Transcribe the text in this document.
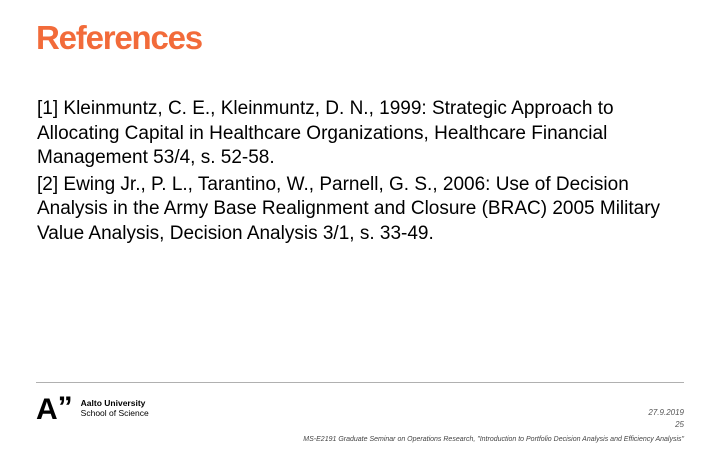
References

[1] Kleinmuntz, C. E., Kleinmuntz, D. N., 1999: Strategic Approach to Allocating Capital in Healthcare Organizations, Healthcare Financial Management 53/4, s. 52-58.

[2] Ewing Jr., P. L., Tarantino, W., Parnell, G. S., 2006: Use of Decision Analysis in the Army Base Realignment and Closure (BRAC) 2005 Military Value Analysis, Decision Analysis 3/1, s. 33-49.

A ” Aalto University
School of Science	27.9.2019
25
MS-E2191 Graduate Seminar on Operations Research, "Introduction to Portfolio Decision Analysis and Efficiency Analysis"
